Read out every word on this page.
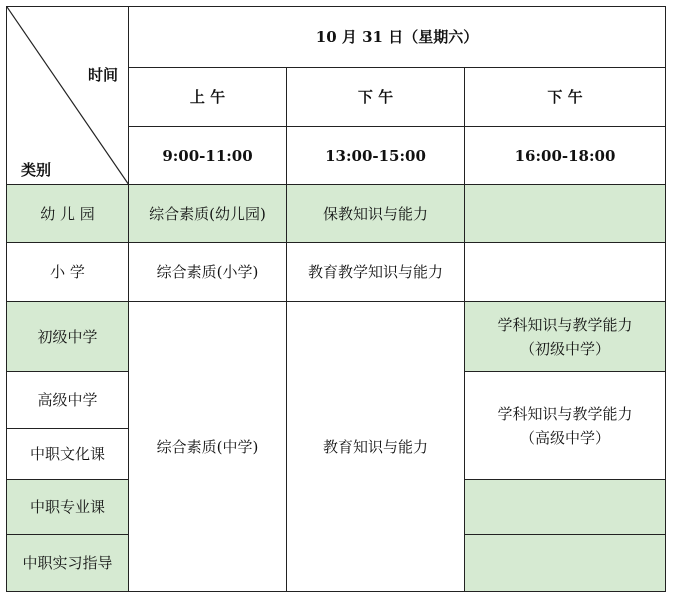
时间
类别	10 月 31 日（星期六）		
	上 午	下 午	下 午
	9:00-11:00	13:00-15:00	16:00-18:00
幼 儿 园	综合素质(幼儿园)	保教知识与能力	
小 学	综合素质(小学)	教育教学知识与能力	
初级中学	综合素质(中学)	教育知识与能力	学科知识与教学能力
（初级中学）

高级中学			学科知识与教学能力
（高级中学）

中职文化课			
中职专业课			
中职实习指导			
